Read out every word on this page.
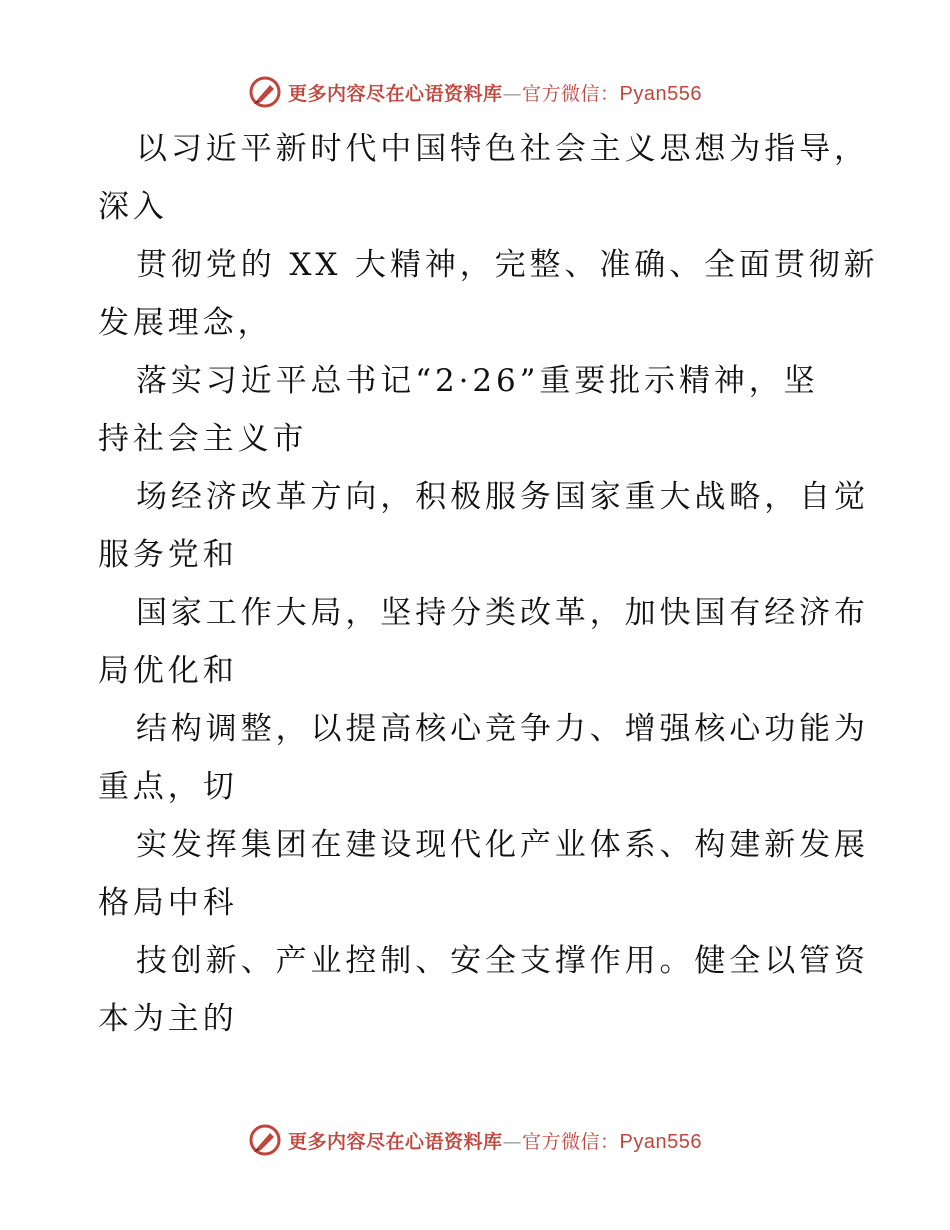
更多内容尽在心语资料库—官方微信：Pyan556
以习近平新时代中国特色社会主义思想为指导，
深入
贯彻党的 XX 大精神，完整、准确、全面贯彻新
发展理念，
落实习近平总书记“2·26”重要批示精神，坚
持社会主义市
场经济改革方向，积极服务国家重大战略，自觉
服务党和
国家工作大局，坚持分类改革，加快国有经济布
局优化和
结构调整，以提高核心竞争力、增强核心功能为
重点，切
实发挥集团在建设现代化产业体系、构建新发展
格局中科
技创新、产业控制、安全支撑作用。健全以管资
本为主的
更多内容尽在心语资料库—官方微信：Pyan556
